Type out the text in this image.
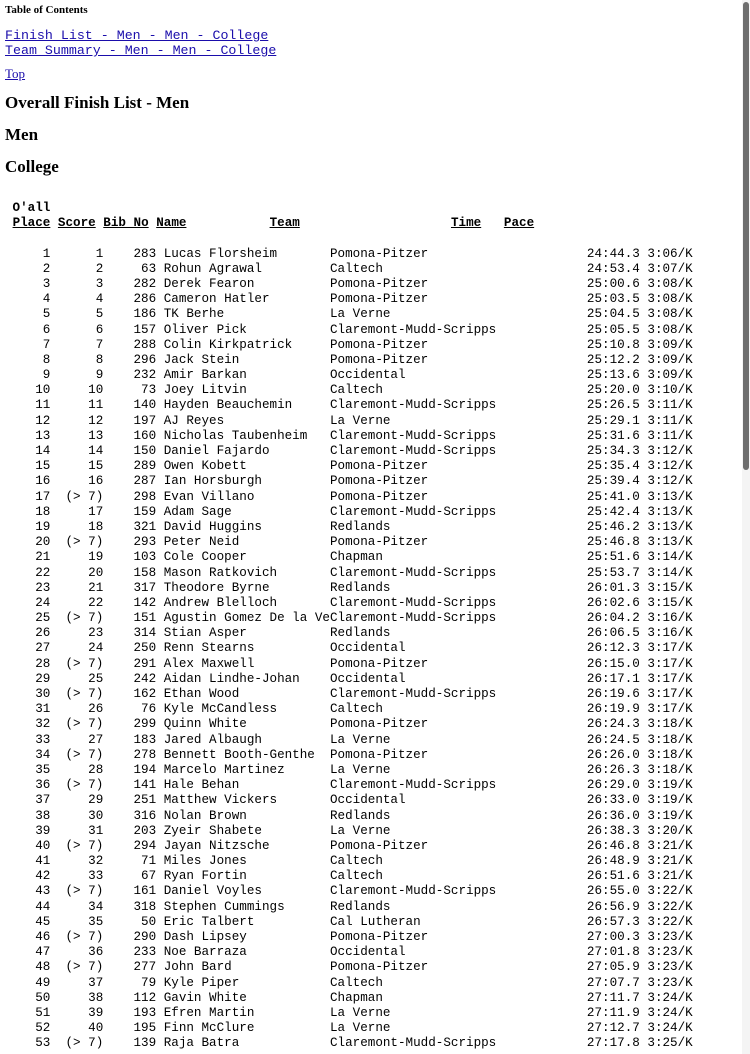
Table of Contents
Finish_List - Men - Men - College
Team_Summary - Men - Men - College
Top
Overall Finish List - Men
Men
College
O'all
Place Score Bib No Name	Team	Time Pace
1      1    283 Lucas Florsheim       Pomona-Pitzer                     24:44.3 3:06/K
2      2     63 Rohun Agrawal         Caltech                           24:53.4 3:07/K
3      3    282 Derek Fearon          Pomona-Pitzer                     25:00.6 3:08/K
4      4    286 Cameron Hatler        Pomona-Pitzer                     25:03.5 3:08/K
5      5    186 TK Berhe              La Verne                          25:04.5 3:08/K
6      6    157 Oliver Pick           Claremont-Mudd-Scripps            25:05.5 3:08/K
7      7    288 Colin Kirkpatrick     Pomona-Pitzer                     25:10.8 3:09/K
8      8    296 Jack Stein            Pomona-Pitzer                     25:12.2 3:09/K
9      9    232 Amir Barkan           Occidental                        25:13.6 3:09/K
10     10     73 Joey Litvin           Caltech                           25:20.0 3:10/K
11     11    140 Hayden Beauchemin     Claremont-Mudd-Scripps            25:26.5 3:11/K
12     12    197 AJ Reyes              La Verne                          25:29.1 3:11/K
13     13    160 Nicholas Taubenheim   Claremont-Mudd-Scripps            25:31.6 3:11/K
14     14    150 Daniel Fajardo        Claremont-Mudd-Scripps            25:34.3 3:12/K
15     15    289 Owen Kobett           Pomona-Pitzer                     25:35.4 3:12/K
16     16    287 Ian Horsburgh         Pomona-Pitzer                     25:39.4 3:12/K
17  (> 7)    298 Evan Villano          Pomona-Pitzer                     25:41.0 3:13/K
18     17    159 Adam Sage             Claremont-Mudd-Scripps            25:42.4 3:13/K
19     18    321 David Huggins         Redlands                          25:46.2 3:13/K
20  (> 7)    293 Peter Neid            Pomona-Pitzer                     25:46.8 3:13/K
21     19    103 Cole Cooper           Chapman                           25:51.6 3:14/K
22     20    158 Mason Ratkovich       Claremont-Mudd-Scripps            25:53.7 3:14/K
23     21    317 Theodore Byrne        Redlands                          26:01.3 3:15/K
24     22    142 Andrew Blelloch       Claremont-Mudd-Scripps            26:02.6 3:15/K
25  (> 7)    151 Agustin Gomez De la VeClaremont-Mudd-Scripps            26:04.2 3:16/K
26     23    314 Stian Asper           Redlands                          26:06.5 3:16/K
27     24    250 Renn Stearns          Occidental                        26:12.3 3:17/K
28  (> 7)    291 Alex Maxwell          Pomona-Pitzer                     26:15.0 3:17/K
29     25    242 Aidan Lindhe-Johan    Occidental                        26:17.1 3:17/K
30  (> 7)    162 Ethan Wood            Claremont-Mudd-Scripps            26:19.6 3:17/K
31     26     76 Kyle McCandless       Caltech                           26:19.9 3:17/K
32  (> 7)    299 Quinn White           Pomona-Pitzer                     26:24.3 3:18/K
33     27    183 Jared Albaugh         La Verne                          26:24.5 3:18/K
34  (> 7)    278 Bennett Booth-Genthe  Pomona-Pitzer                     26:26.0 3:18/K
35     28    194 Marcelo Martinez      La Verne                          26:26.3 3:18/K
36  (> 7)    141 Hale Behan            Claremont-Mudd-Scripps            26:29.0 3:19/K
37     29    251 Matthew Vickers       Occidental                        26:33.0 3:19/K
38     30    316 Nolan Brown           Redlands                          26:36.0 3:19/K
39     31    203 Zyeir Shabete         La Verne                          26:38.3 3:20/K
40  (> 7)    294 Jayan Nitzsche        Pomona-Pitzer                     26:46.8 3:21/K
41     32     71 Miles Jones           Caltech                           26:48.9 3:21/K
42     33     67 Ryan Fortin           Caltech                           26:51.6 3:21/K
43  (> 7)    161 Daniel Voyles         Claremont-Mudd-Scripps            26:55.0 3:22/K
44     34    318 Stephen Cummings      Redlands                          26:56.9 3:22/K
45     35     50 Eric Talbert          Cal Lutheran                      26:57.3 3:22/K
46  (> 7)    290 Dash Lipsey           Pomona-Pitzer                     27:00.3 3:23/K
47     36    233 Noe Barraza           Occidental                        27:01.8 3:23/K
48  (> 7)    277 John Bard             Pomona-Pitzer                     27:05.9 3:23/K
49     37     79 Kyle Piper            Caltech                           27:07.7 3:23/K
50     38    112 Gavin White           Chapman                           27:11.7 3:24/K
51     39    193 Efren Martin          La Verne                          27:11.9 3:24/K
52     40    195 Finn McClure          La Verne                          27:12.7 3:24/K
53  (> 7)    139 Raja Batra            Claremont-Mudd-Scripps            27:17.8 3:25/K
